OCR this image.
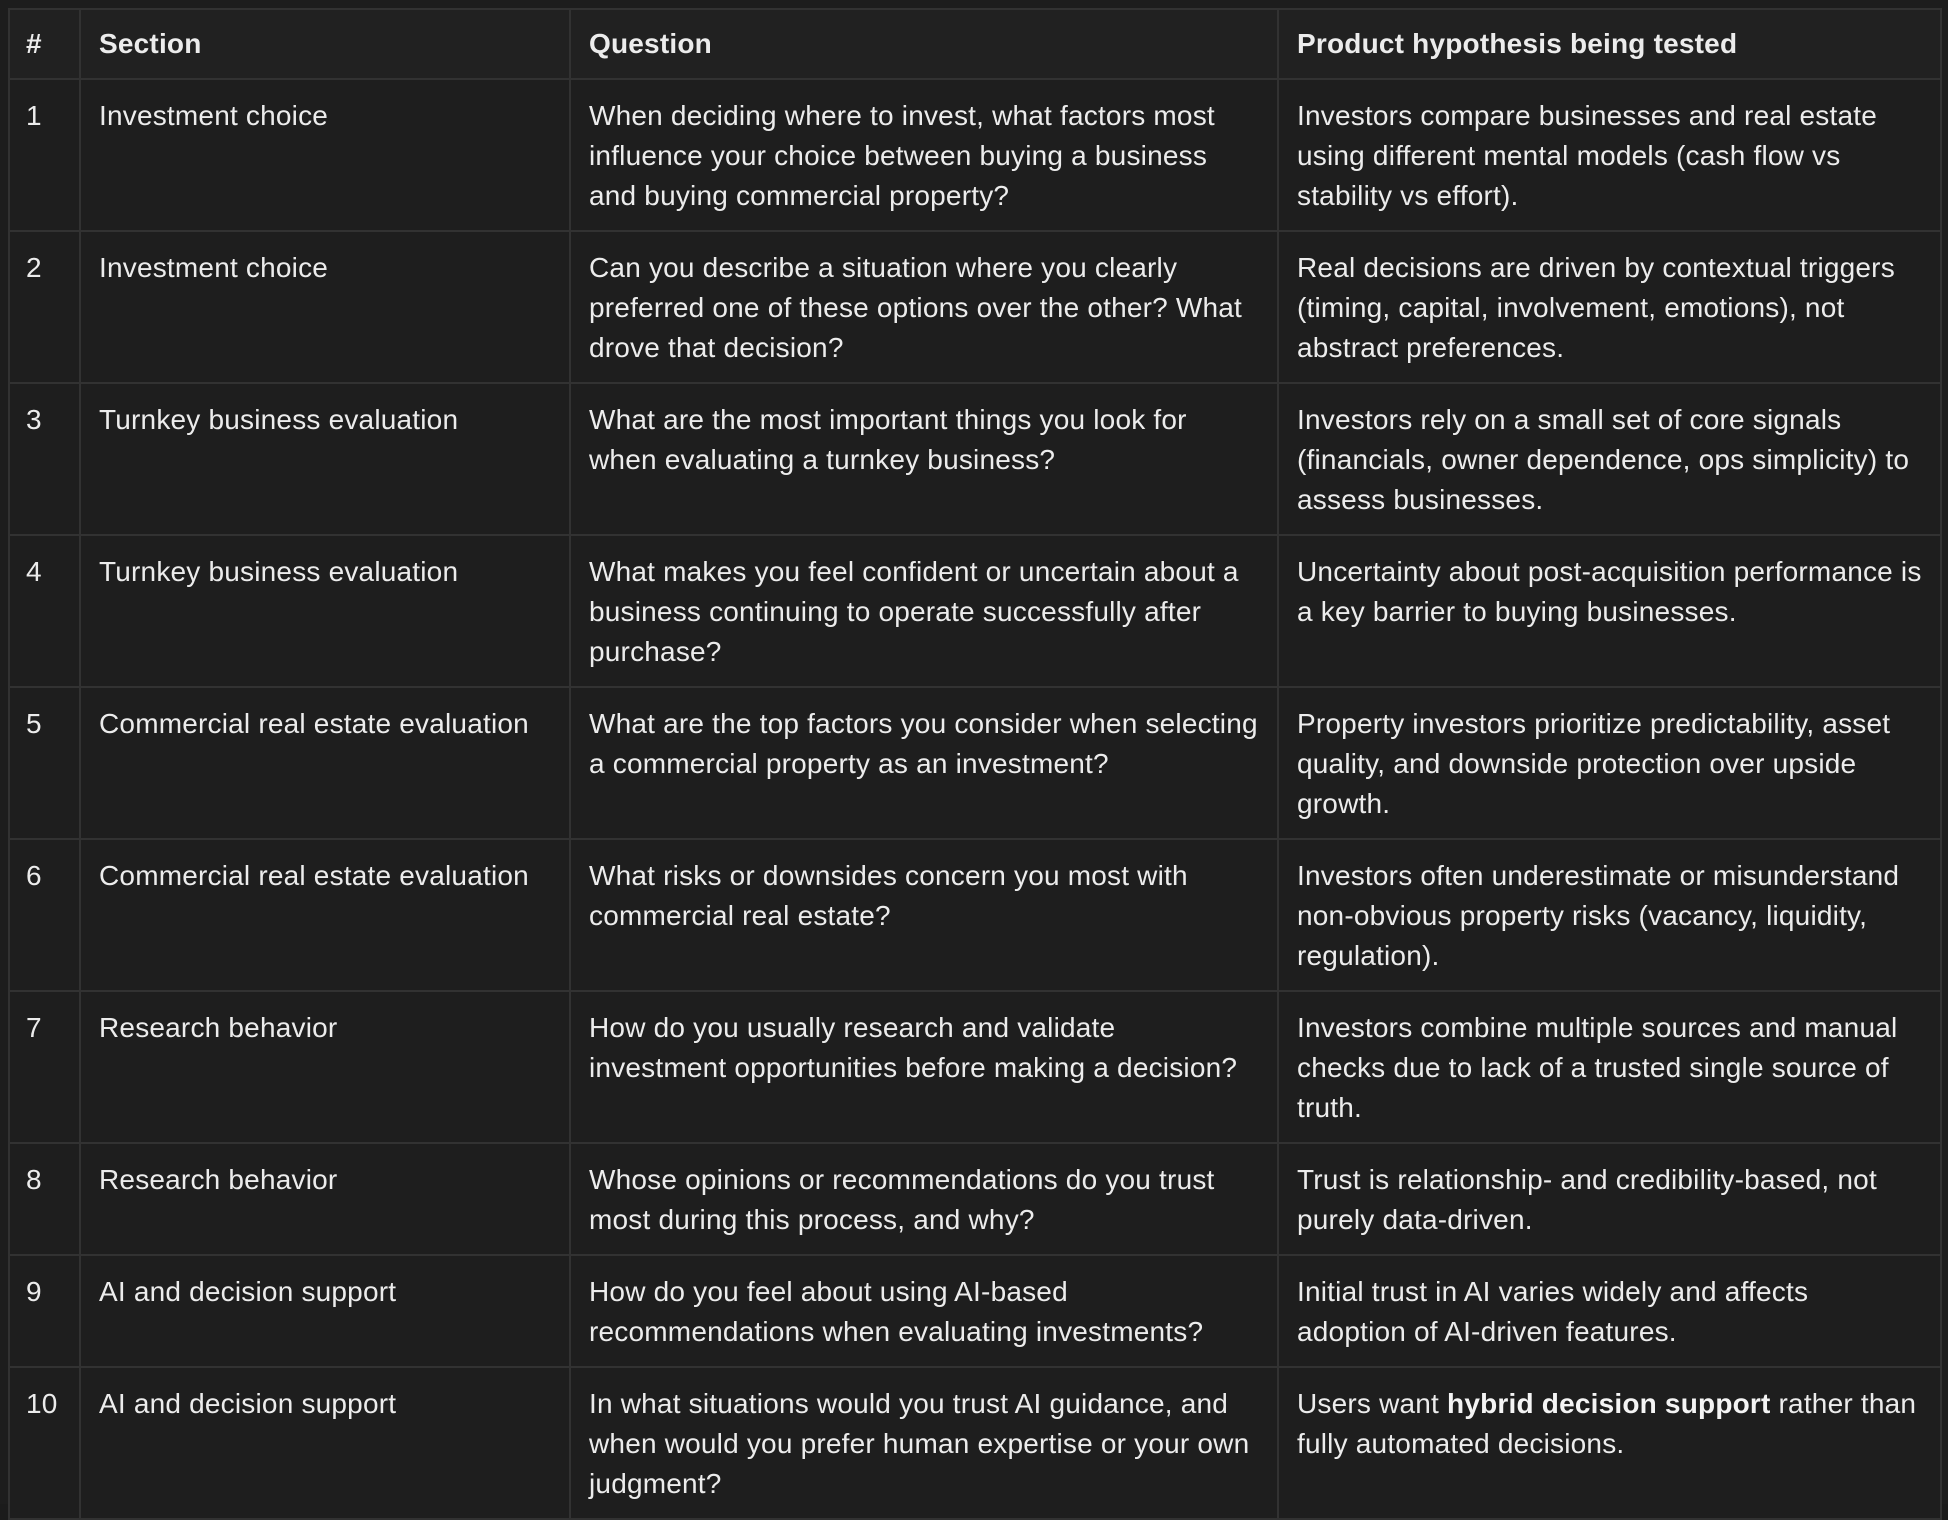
#	Section	Question	Product hypothesis being tested
1	Investment choice	When deciding where to invest, what factors most influence your choice between buying a business and buying commercial property?	Investors compare businesses and real estate using different mental models (cash flow vs stability vs effort).
2	Investment choice	Can you describe a situation where you clearly preferred one of these options over the other? What drove that decision?	Real decisions are driven by contextual triggers (timing, capital, involvement, emotions), not abstract preferences.
3	Turnkey business evaluation	What are the most important things you look for when evaluating a turnkey business?	Investors rely on a small set of core signals (financials, owner dependence, ops simplicity) to assess businesses.
4	Turnkey business evaluation	What makes you feel confident or uncertain about a business continuing to operate successfully after purchase?	Uncertainty about post-acquisition performance is a key barrier to buying businesses.
5	Commercial real estate evaluation	What are the top factors you consider when selecting a commercial property as an investment?	Property investors prioritize predictability, asset quality, and downside protection over upside growth.
6	Commercial real estate evaluation	What risks or downsides concern you most with commercial real estate?	Investors often underestimate or misunderstand non-obvious property risks (vacancy, liquidity, regulation).
7	Research behavior	How do you usually research and validate investment opportunities before making a decision?	Investors combine multiple sources and manual checks due to lack of a trusted single source of truth.
8	Research behavior	Whose opinions or recommendations do you trust most during this process, and why?	Trust is relationship- and credibility-based, not purely data-driven.
9	AI and decision support	How do you feel about using AI-based recommendations when evaluating investments?	Initial trust in AI varies widely and affects adoption of AI-driven features.
10	AI and decision support	In what situations would you trust AI guidance, and when would you prefer human expertise or your own judgment?	Users want hybrid decision support rather than fully automated decisions.
